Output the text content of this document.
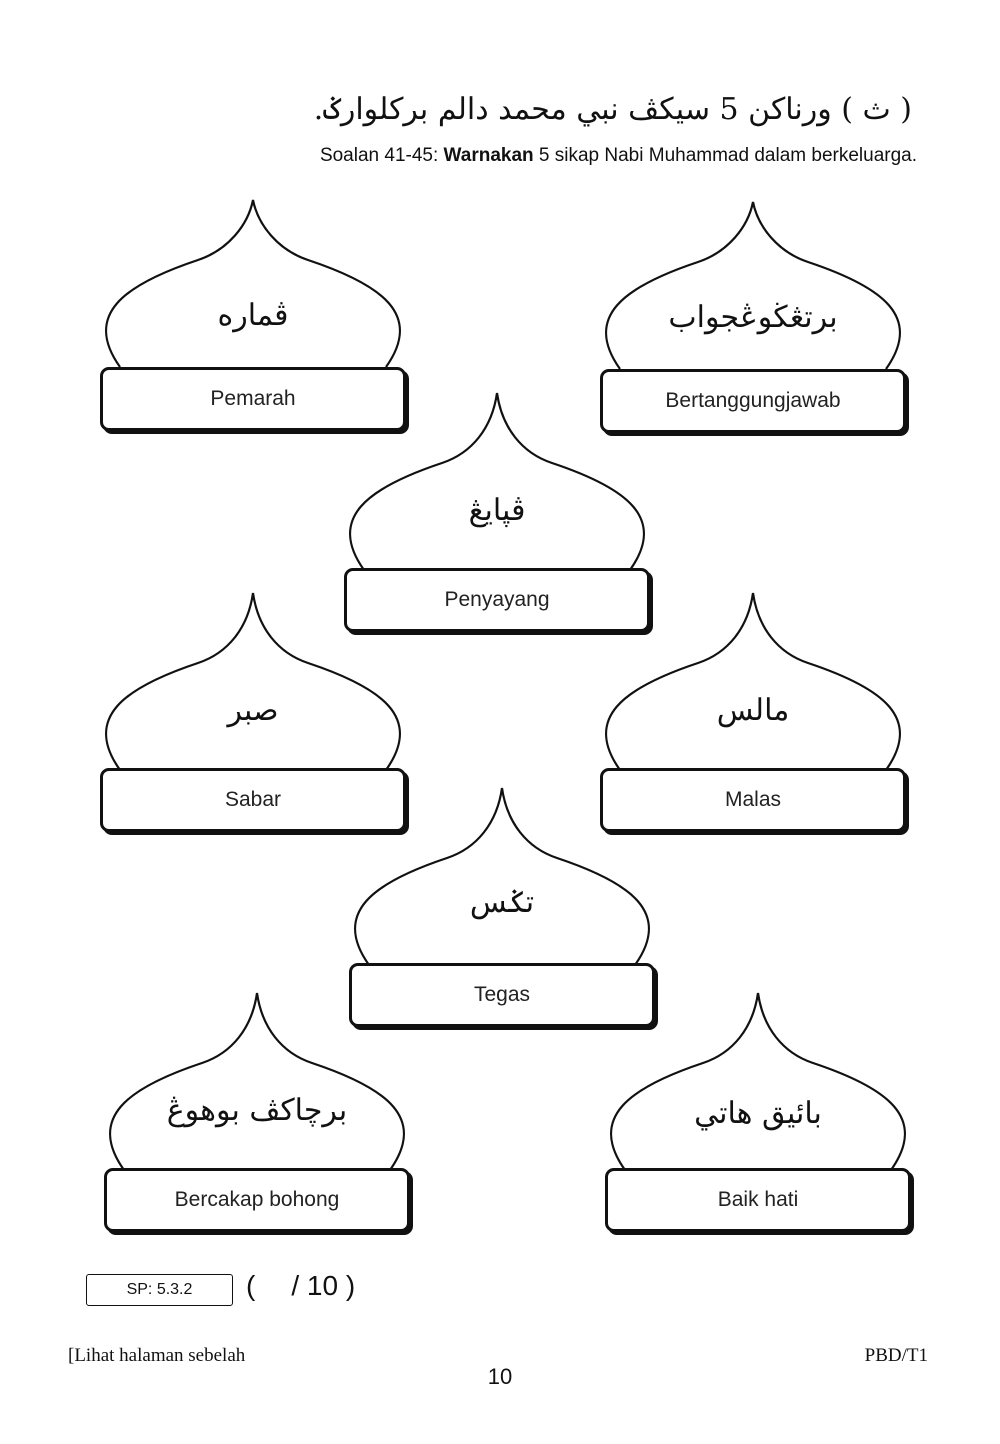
( ث ) ورناکن 5 سيکڤ نبي محمد دالم برکلوارݢ.
Soalan 41-45: Warnakan 5 sikap Nabi Muhammad dalam berkeluarga.
ڤماره
Pemarah
برتڠڬوڠجواب
Bertanggungjawab
ڤڽايڠ
Penyayang
صبر
Sabar
مالس
Malas
تݢس
Tegas
برچاکڤ بوهوڠ
Bercakap bohong
بائيق هاتي
Baik hati
SP: 5.3.2	( / 10 )
[Lihat halaman sebelah	PBD/T1
10
